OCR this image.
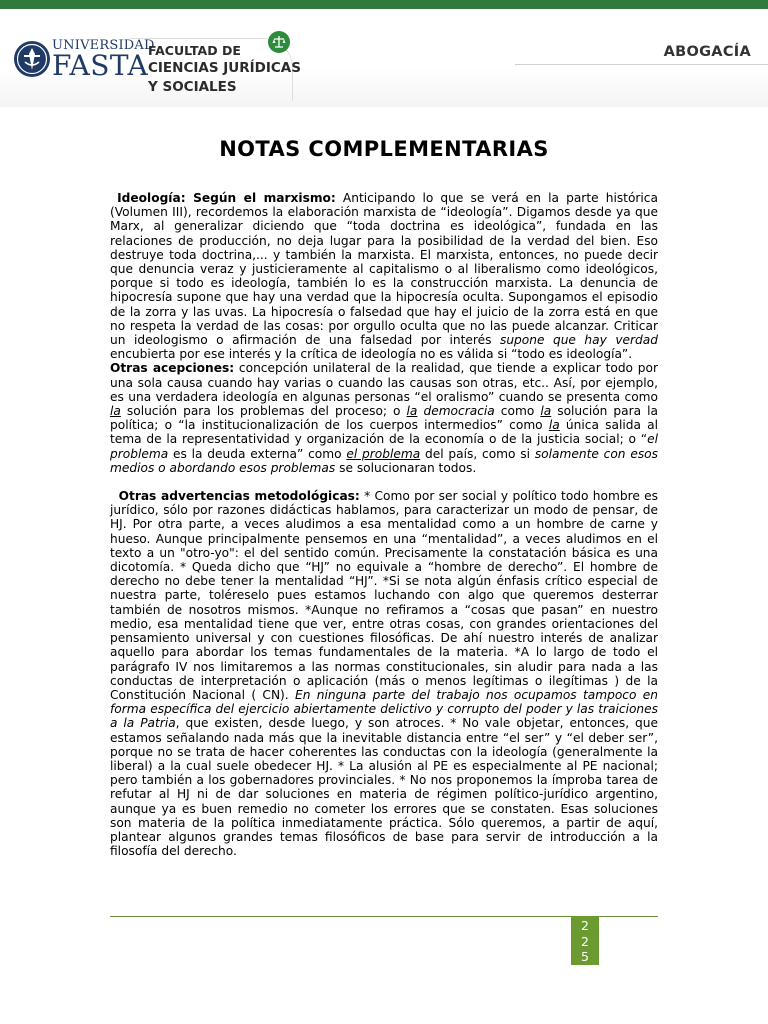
UNIVERSIDAD
FASTA FACULTAD DE
CIENCIAS JURÍDICAS
Y SOCIALES
ABOGACÍA
NOTAS COMPLEMENTARIAS

Ideología: Según el marxismo: Anticipando lo que se verá en la parte histórica (Volumen III), recordemos la elaboración marxista de “ideología”. Digamos desde ya que Marx, al generalizar diciendo que “toda doctrina es ideológica”, fundada en las relaciones de producción, no deja lugar para la posibilidad de la verdad del bien. Eso destruye toda doctrina,... y también la marxista. El marxista, entonces, no puede decir que denuncia veraz y justicieramente al capitalismo o al liberalismo como ideológicos, porque si todo es ideología, también lo es la construcción marxista. La denuncia de hipocresía supone que hay una verdad que la hipocresía oculta. Supongamos el episodio de la zorra y las uvas. La hipocresía o falsedad que hay el juicio de la zorra está en que no respeta la verdad de las cosas: por orgullo oculta que no las puede alcanzar. Criticar un ideologismo o afirmación de una falsedad por interés supone que hay verdad encubierta por ese interés y la crítica de ideología no es válida si “todo es ideología”.

Otras acepciones: concepción unilateral de la realidad, que tiende a explicar todo por una sola causa cuando hay varias o cuando las causas son otras, etc.. Así, por ejemplo, es una verdadera ideología en algunas personas “el oralismo” cuando se presenta como la solución para los problemas del proceso; o la democracia como la solución para la política; o “la institucionalización de los cuerpos intermedios” como la única salida al tema de la representatividad y organización de la economía o de la justicia social; o “el problema es la deuda externa” como el problema del país, como si solamente con esos medios o abordando esos problemas se solucionaran todos.

Otras advertencias metodológicas: * Como por ser social y político todo hombre es jurídico, sólo por razones didácticas hablamos, para caracterizar un modo de pensar, de HJ. Por otra parte, a veces aludimos a esa mentalidad como a un hombre de carne y hueso. Aunque principalmente pensemos en una “mentalidad”, a veces aludimos en el texto a un "otro-yo": el del sentido común. Precisamente la constatación básica es una dicotomía. * Queda dicho que “HJ” no equivale a “hombre de derecho”. El hombre de derecho no debe tener la mentalidad “HJ”. *Si se nota algún énfasis crítico especial de nuestra parte, toléreselo pues estamos luchando con algo que queremos desterrar también de nosotros mismos. *Aunque no refiramos a “cosas que pasan” en nuestro medio, esa mentalidad tiene que ver, entre otras cosas, con grandes orientaciones del pensamiento universal y con cuestiones filosóficas. De ahí nuestro interés de analizar aquello para abordar los temas fundamentales de la materia. *A lo largo de todo el parágrafo IV nos limitaremos a las normas constitucionales, sin aludir para nada a las conductas de interpretación o aplicación (más o menos legítimas o ilegítimas ) de la Constitución Nacional ( CN). En ninguna parte del trabajo nos ocupamos tampoco en forma específica del ejercicio abiertamente delictivo y corrupto del poder y las traiciones a la Patria, que existen, desde luego, y son atroces. * No vale objetar, entonces, que estamos señalando nada más que la inevitable distancia entre “el ser” y “el deber ser”, porque no se trata de hacer coherentes las conductas con la ideología (generalmente la liberal) a la cual suele obedecer HJ. * La alusión al PE es especialmente al PE nacional; pero también a los gobernadores provinciales. * No nos proponemos la ímproba tarea de refutar al HJ ni de dar soluciones en materia de régimen político-jurídico argentino, aunque ya es buen remedio no cometer los errores que se constaten. Esas soluciones son materia de la política inmediatamente práctica. Sólo queremos, a partir de aquí, plantear algunos grandes temas filosóficos de base para servir de introducción a la filosofía del derecho.

2
2
5
